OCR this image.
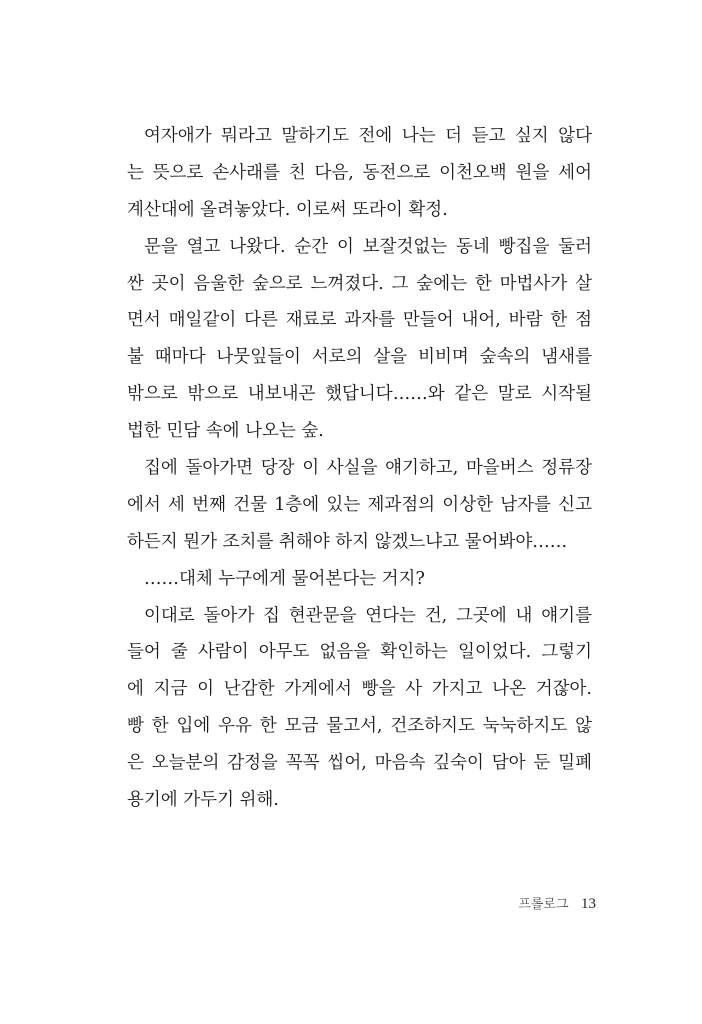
여자애가 뭐라고 말하기도 전에 나는 더 듣고 싶지 않다
는 뜻으로 손사래를 친 다음, 동전으로 이천오백 원을 세어
계산대에 올려놓았다. 이로써 또라이 확정.
문을 열고 나왔다. 순간 이 보잘것없는 동네 빵집을 둘러
싼 곳이 음울한 숲으로 느껴졌다. 그 숲에는 한 마법사가 살
면서 매일같이 다른 재료로 과자를 만들어 내어, 바람 한 점
불 때마다 나뭇잎들이 서로의 살을 비비며 숲속의 냄새를
밖으로 밖으로 내보내곤 했답니다……와 같은 말로 시작될
법한 민담 속에 나오는 숲.
집에 돌아가면 당장 이 사실을 얘기하고, 마을버스 정류장
에서 세 번째 건물 1층에 있는 제과점의 이상한 남자를 신고
하든지 뭔가 조치를 취해야 하지 않겠느냐고 물어봐야……
……대체 누구에게 물어본다는 거지?
이대로 돌아가 집 현관문을 연다는 건, 그곳에 내 얘기를
들어 줄 사람이 아무도 없음을 확인하는 일이었다. 그렇기
에 지금 이 난감한 가게에서 빵을 사 가지고 나온 거잖아.
빵 한 입에 우유 한 모금 물고서, 건조하지도 눅눅하지도 않
은 오늘분의 감정을 꼭꼭 씹어, 마음속 깊숙이 담아 둔 밀폐
용기에 가두기 위해.
프롤로그 13
